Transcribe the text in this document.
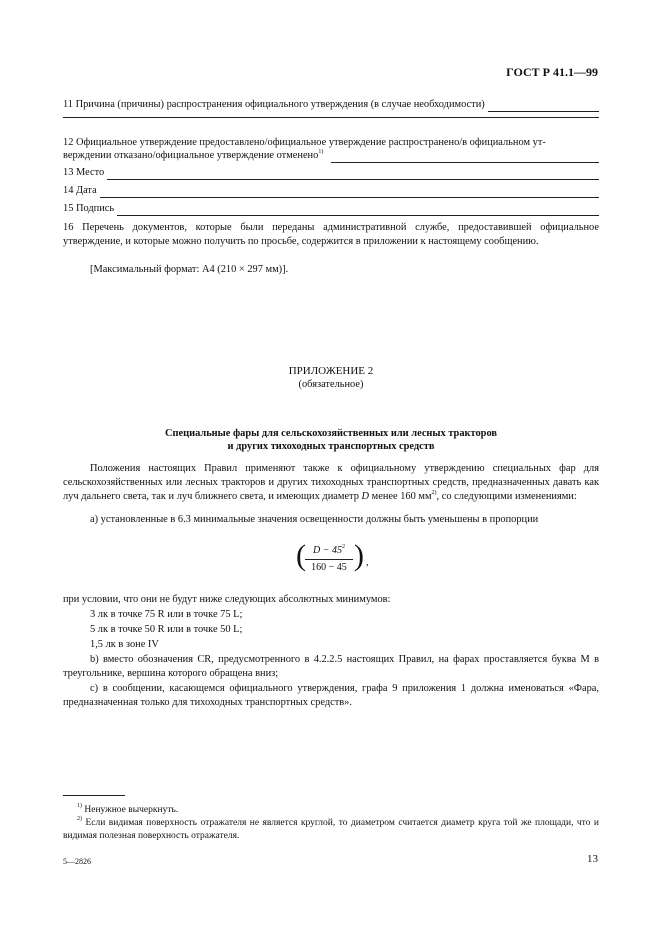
ГОСТ Р 41.1—99
11 Причина (причины) распространения официального утверждения (в случае необходимости)

12 Официальное утверждение предоставлено/официальное утверждение распространено/в официальном ут-

верждении отказано/официальное утверждение отменено$^{1)}$
13 Место
14 Дата
15 Подпись

16 Перечень документов, которые были переданы административной службе, предоставившей официальное утверждение, и которые можно получить по просьбе, содержится в приложении к настоящему сообщению.

[Максимальный формат: А4 (210 × 297 мм)].

ПРИЛОЖЕНИЕ 2
(обязательное)
Специальные фары для сельскохозяйственных или лесных тракторов
и других тихоходных транспортных средств

Положения настоящих Правил применяют также к официальному утверждению специальных фар для сельскохозяйственных или лесных тракторов и других тихоходных транспортных средств, предназначенных давать как луч дальнего света, так и луч ближнего света, и имеющих диаметр D менее 160 $мм^{2)}$, со следующими изменениями:

a) установленные в 6.3 минимальные значения освещенности должны быть уменьшены в пропорции

( $D - 45^2$
160 − 45 ) ,

при условии, что они не будут ниже следующих абсолютных минимумов:

3 лк в точке 75 R или в точке 75 L;

5 лк в точке 50 R или в точке 50 L;

1,5 лк в зоне IV

b) вместо обозначения CR, предусмотренного в 4.2.2.5 настоящих Правил, на фарах проставляется буква М в треугольнике, вершина которого обращена вниз;

c) в сообщении, касающемся официального утверждения, графа 9 приложения 1 должна именоваться «Фара, предназначенная только для тихоходных транспортных средств».

$^{1)}$ Ненужное вычеркнуть.

$^{2)}$ Если видимая поверхность отражателя не является круглой, то диаметром считается диаметр круга той же площади, что и видимая полезная поверхность отражателя.

5—2826	13
